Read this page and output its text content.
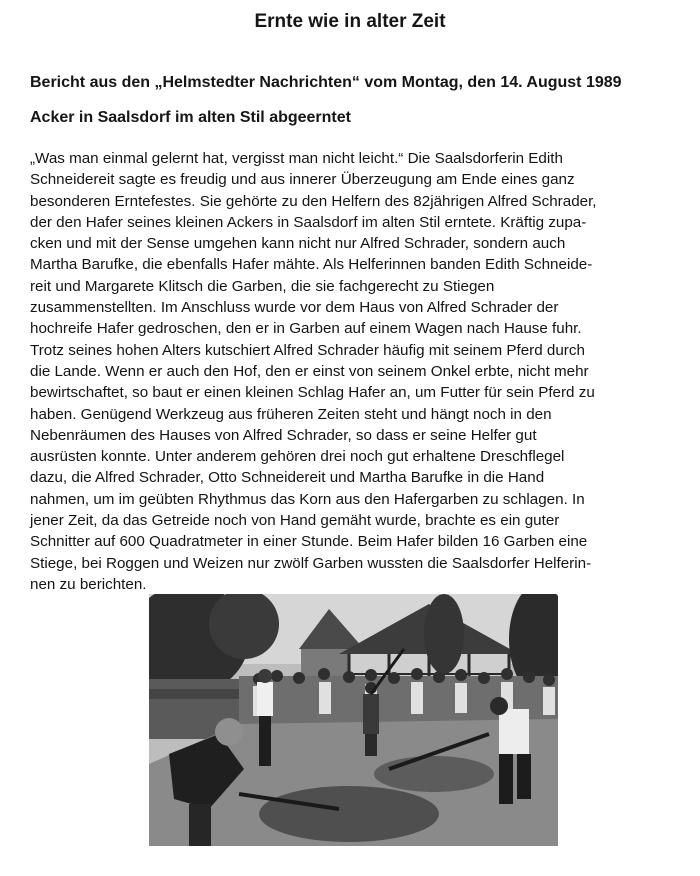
Ernte wie in alter Zeit
Bericht aus den „Helmstedter Nachrichten“ vom Montag, den 14. August 1989
Acker in Saalsdorf im alten Stil abgeerntet
„Was man einmal gelernt hat, vergisst man nicht leicht.“ Die Saalsdorferin Edith
Schneidereit sagte es freudig und aus innerer Überzeugung am Ende eines ganz
besonderen Erntefestes. Sie gehörte zu den Helfern des 82jährigen Alfred Schrader,
der den Hafer seines kleinen Ackers in Saalsdorf im alten Stil erntete. Kräftig zupa-
cken und mit der Sense umgehen kann nicht nur Alfred Schrader, sondern auch
Martha Barufke, die ebenfalls Hafer mähte. Als Helferinnen banden Edith Schneide-
reit und Margarete Klitsch die Garben, die sie fachgerecht zu Stiegen
zusammenstellten. Im Anschluss wurde vor dem Haus von Alfred Schrader der
hochreife Hafer gedroschen, den er in Garben auf einem Wagen nach Hause fuhr.
Trotz seines hohen Alters kutschiert Alfred Schrader häufig mit seinem Pferd durch
die Lande. Wenn er auch den Hof, den er einst von seinem Onkel erbte, nicht mehr
bewirtschaftet, so baut er einen kleinen Schlag Hafer an, um Futter für sein Pferd zu
haben. Genügend Werkzeug aus früheren Zeiten steht und hängt noch in den
Nebenräumen des Hauses von Alfred Schrader, so dass er seine Helfer gut
ausrüsten konnte. Unter anderem gehören drei noch gut erhaltene Dreschflegel
dazu, die Alfred Schrader, Otto Schneidereit und Martha Barufke in die Hand
nahmen, um im geübten Rhythmus das Korn aus den Hafergarben zu schlagen. In
jener Zeit, da das Getreide noch von Hand gemäht wurde, brachte es ein guter
Schnitter auf 600 Quadratmeter in einer Stunde. Beim Hafer bilden 16 Garben eine
Stiege, bei Roggen und Weizen nur zwölf Garben wussten die Saalsdorfer Helferin-
nen zu berichten.
